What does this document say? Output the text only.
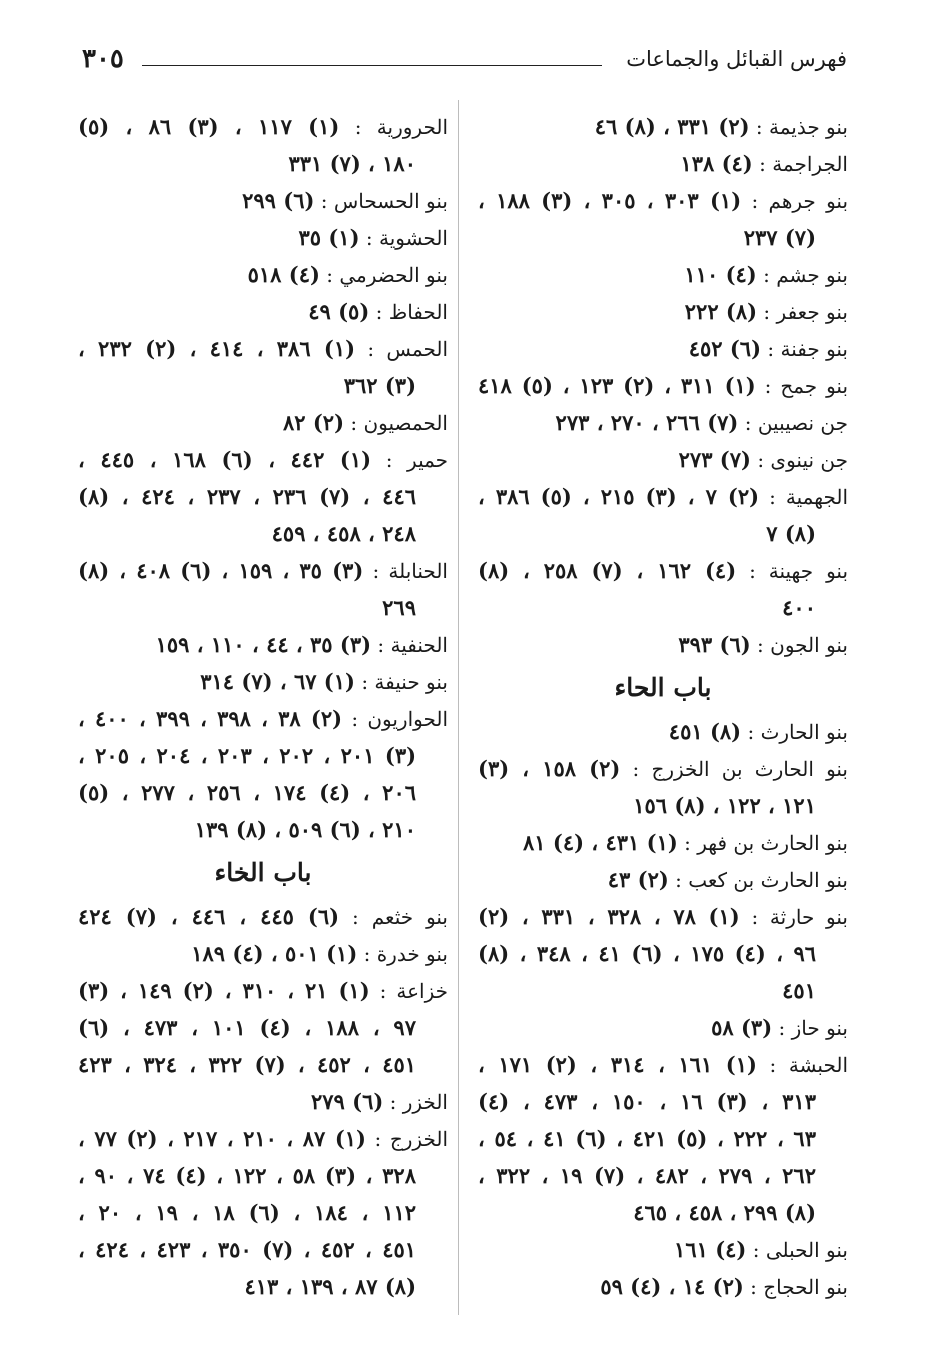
٣٠٥	فهرس القبائل والجماعات
بنو جذيمة : (٢) ٣٣١ ، (٨) ٤٦
الجراجمة : (٤) ١٣٨
بنو جرهم : (١) ٣٠٣ ، ٣٠٥ ، (٣) ١٨٨ ،
(٧) ٢٣٧
بنو جشم : (٤) ١١٠
بنو جعفر : (٨) ٢٢٢
بنو جفنة : (٦) ٤٥٢
بنو جمح : (١) ٣١١ ، (٢) ١٢٣ ، (٥) ٤١٨
جن نصيبين : (٧) ٢٦٦ ، ٢٧٠ ، ٢٧٣
جن نينوى : (٧) ٢٧٣
الجهمية : (٢) ٧ ، (٣) ٢١٥ ، (٥) ٣٨٦ ،
(٨) ٧
بنو جهينة : (٤) ١٦٢ ، (٧) ٢٥٨ ، (٨)
٤٠٠
بنو الجون : (٦) ٣٩٣
باب الحاء
بنو الحارث : (٨) ٤٥١
بنو الحارث بن الخزرج : (٢) ١٥٨ ، (٣)
١٢١ ، ١٢٢ ، (٨) ١٥٦
بنو الحارث بن فهر : (١) ٤٣١ ، (٤) ٨١
بنو الحارث بن كعب : (٢) ٤٣
بنو حارثة : (١) ٧٨ ، ٣٢٨ ، ٣٣١ ، (٢)
٩٦ ، (٤) ١٧٥ ، (٦) ٤١ ، ٣٤٨ ، (٨)
٤٥١
بنو حاز : (٣) ٥٨
الحبشة : (١) ١٦١ ، ٣١٤ ، (٢) ١٧١ ،
٣١٣ ، (٣) ١٦ ، ١٥٠ ، ٤٧٣ ، (٤)
٦٣ ، ٢٢٢ ، (٥) ٤٢١ ، (٦) ٤١ ، ٥٤ ،
٢٦٢ ، ٢٧٩ ، ٤٨٢ ، (٧) ١٩ ، ٣٢٢ ،
(٨) ٢٩٩ ، ٤٥٨ ، ٤٦٥
بنو الحبلى : (٤) ١٦١
بنو الحجاج : (٢) ١٤ ، (٤) ٥٩
الحرورية : (١) ١١٧ ، (٣) ٨٦ ، (٥)
١٨٠ ، (٧) ٣٣١
بنو الحسحاس : (٦) ٢٩٩
الحشوية : (١) ٣٥
بنو الحضرمي : (٤) ٥١٨
الحفاظ : (٥) ٤٩
الحمس : (١) ٣٨٦ ، ٤١٤ ، (٢) ٢٣٢ ،
(٣) ٣٦٢
الحمصيون : (٢) ٨٢
حمير : (١) ٤٤٢ ، (٦) ١٦٨ ، ٤٤٥ ،
٤٤٦ ، (٧) ٢٣٦ ، ٢٣٧ ، ٤٢٤ ، (٨)
٢٤٨ ، ٤٥٨ ، ٤٥٩
الحنابلة : (٣) ٣٥ ، ١٥٩ ، (٦) ٤٠٨ ، (٨)
٢٦٩
الحنفية : (٣) ٣٥ ، ٤٤ ، ١١٠ ، ١٥٩
بنو حنيفة : (١) ٦٧ ، (٧) ٣١٤
الحواريون : (٢) ٣٨ ، ٣٩٨ ، ٣٩٩ ، ٤٠٠ ،
(٣) ٢٠١ ، ٢٠٢ ، ٢٠٣ ، ٢٠٤ ، ٢٠٥ ،
٢٠٦ ، (٤) ١٧٤ ، ٢٥٦ ، ٢٧٧ ، (٥)
٢١٠ ، (٦) ٥٠٩ ، (٨) ١٣٩
باب الخاء
بنو خثعم : (٦) ٤٤٥ ، ٤٤٦ ، (٧) ٤٢٤
بنو خدرة : (١) ٥٠١ ، (٤) ١٨٩
خزاعة : (١) ٢١ ، ٣١٠ ، (٢) ١٤٩ ، (٣)
٩٧ ، ١٨٨ ، (٤) ١٠١ ، ٤٧٣ ، (٦)
٤٥١ ، ٤٥٢ ، (٧) ٣٢٢ ، ٣٢٤ ، ٤٢٣
الخزر : (٦) ٢٧٩
الخزرج : (١) ٨٧ ، ٢١٠ ، ٢١٧ ، (٢) ٧٧ ،
٣٢٨ ، (٣) ٥٨ ، ١٢٢ ، (٤) ٧٤ ، ٩٠ ،
١١٢ ، ١٨٤ ، (٦) ١٨ ، ١٩ ، ٢٠ ،
٤٥١ ، ٤٥٢ ، (٧) ٣٥٠ ، ٤٢٣ ، ٤٢٤ ،
(٨) ٨٧ ، ١٣٩ ، ٤١٣
